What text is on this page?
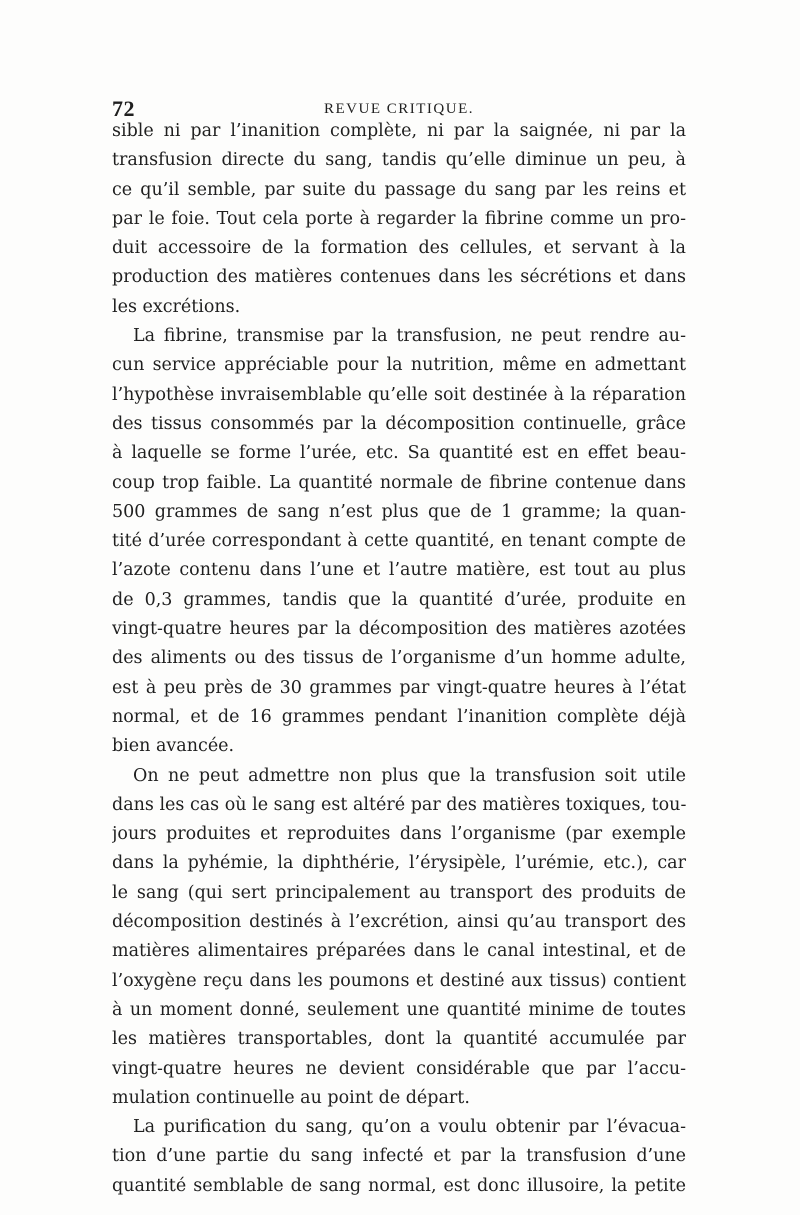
72	REVUE CRITIQUE.
sible ni par l’inanition complète, ni par la saignée, ni par la
transfusion directe du sang, tandis qu’elle diminue un peu, à
ce qu’il semble, par suite du passage du sang par les reins et
par le foie. Tout cela porte à regarder la fibrine comme un pro-
duit accessoire de la formation des cellules, et servant à la
production des matières contenues dans les sécrétions et dans
les excrétions.
La fibrine, transmise par la transfusion, ne peut rendre au-
cun service appréciable pour la nutrition, même en admettant
l’hypothèse invraisemblable qu’elle soit destinée à la réparation
des tissus consommés par la décomposition continuelle, grâce
à laquelle se forme l’urée, etc. Sa quantité est en effet beau-
coup trop faible. La quantité normale de fibrine contenue dans
500 grammes de sang n’est plus que de 1 gramme; la quan-
tité d’urée correspondant à cette quantité, en tenant compte de
l’azote contenu dans l’une et l’autre matière, est tout au plus
de 0,3 grammes, tandis que la quantité d’urée, produite en
vingt-quatre heures par la décomposition des matières azotées
des aliments ou des tissus de l’organisme d’un homme adulte,
est à peu près de 30 grammes par vingt-quatre heures à l’état
normal, et de 16 grammes pendant l’inanition complète déjà
bien avancée.
On ne peut admettre non plus que la transfusion soit utile
dans les cas où le sang est altéré par des matières toxiques, tou-
jours produites et reproduites dans l’organisme (par exemple
dans la pyhémie, la diphthérie, l’érysipèle, l’urémie, etc.), car
le sang (qui sert principalement au transport des produits de
décomposition destinés à l’excrétion, ainsi qu’au transport des
matières alimentaires préparées dans le canal intestinal, et de
l’oxygène reçu dans les poumons et destiné aux tissus) contient
à un moment donné, seulement une quantité minime de toutes
les matières transportables, dont la quantité accumulée par
vingt-quatre heures ne devient considérable que par l’accu-
mulation continuelle au point de départ.
La purification du sang, qu’on a voulu obtenir par l’évacua-
tion d’une partie du sang infecté et par la transfusion d’une
quantité semblable de sang normal, est donc illusoire, la petite
